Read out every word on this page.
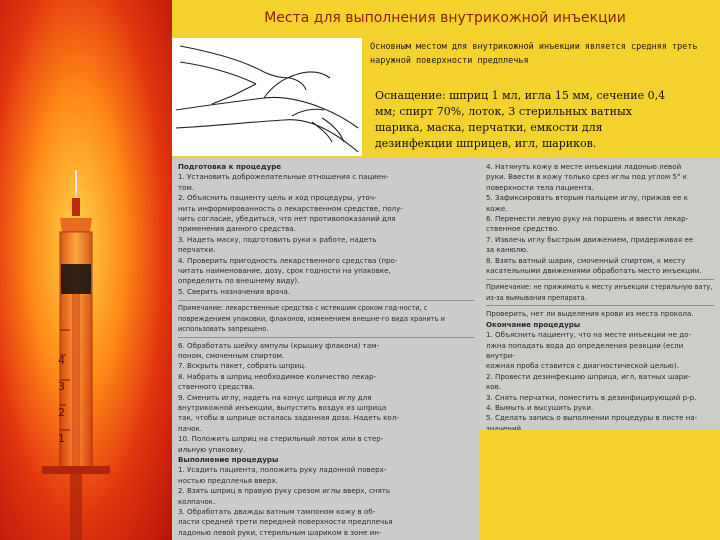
4
3
2
1
Места для выполнения внутрикожной инъекции

Основным местом для внутрикожной инъекции является средняя треть наружной поверхности предплечья

Оснащение: шприц 1 мл, игла 15 мм, сечение 0,4 мм; спирт 70%, лоток, 3 стерильных ватных шарика, маска, перчатки, емкости для дезинфекции шприцев, игл, шариков.

Подготовка к процедуре

1. Установить доброжелательные отношения с пациен-

том.

2. Объяснить пациенту цель и ход процедуры, уточ-

нить информированность о лекарственном средстве, полу-

чить согласие, убедиться, что нет противопоказаний для

применения данного средства.

3. Надеть маску, подготовить руки к работе, надеть

перчатки.

4. Проверить пригодность лекарственного средства (про-

читать наименование, дозу, срок годности на упаковке,

определить по внешнему виду).

5. Сверить назначения врача.

Примечание: лекарственные средства с истекшим сроком год-ности, с повреждением упаковки, флаконов, изменением внешне-го вида хранить и использовать запрещено.

6. Обработать шейку ампулы (крышку флакона) там-

поном, смоченным спиртом.

7. Вскрыть пакет, собрать шприц.

8. Набрать в шприц необходимое количество лекар-

ственного средства.

9. Сменить иглу, надеть на конус шприца иглу для

внутрикожной инъекции, выпустить воздух из шприца

так, чтобы в шприце осталась заданная доза. Надеть кол-

пачок.

10. Положить шприц на стерильный лоток или в стер-

ильную упаковку.

Выполнение процедуры

1. Усадить пациента, положить руку ладонной поверх-

ностью предплечья вверх.

2. Взять шприц в правую руку срезом иглы вверх, снять

колпачок.

3. Обработать дважды ватным тампоном кожу в об-

ласти средней трети передней поверхности предплечья

ладонью левой руки, стерильным шариком в зоне ин-

4. Натянуть кожу в месте инъекции ладонью левой

руки. Ввести в кожу только срез иглы под углом 5° к

поверхности тела пациента.

5. Зафиксировать вторым пальцем иглу, прижав ее к

коже.

6. Перенести левую руку на поршень и ввести лекар-

ственное средство.

7. Извлечь иглу быстрым движением, придерживая ее

за канюлю.

8. Взять ватный шарик, смоченный спиртом, к месту

касательными движениями обработать место инъекции.

Примечание: не прижимать к месту инъекции стерильную вату, из-за вымывания препарата.

Проверить, нет ли выделения крови из места прокола.

Окончание процедуры

1. Объяснить пациенту, что на месте инъекции не до-

лжна попадать вода до определения реакции (если внутри-

кожная проба ставится с диагностической целью).

2. Провести дезинфекцию шприца, игл, ватных шари-

ков.

3. Снять перчатки, поместить в дезинфицирующий р-р.

4. Вымыть и высушить руки.

5. Сделать запись о выполнении процедуры в листе на-

значений.
